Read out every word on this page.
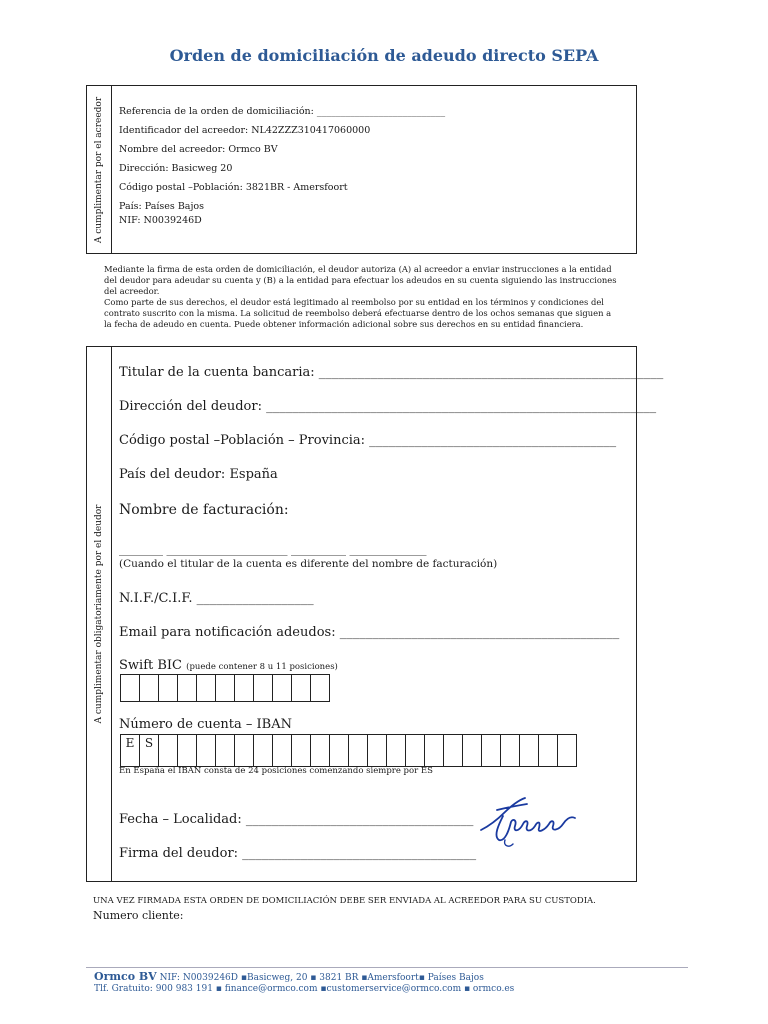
Orden de domiciliación de adeudo directo SEPA
A cumplimentar por el acreedor Referencia de la orden de domiciliación: ___________________________
Identificador del acreedor: NL42ZZZ310417060000
Nombre del acreedor: Ormco BV
Dirección: Basicweg 20
Código postal –Población: 3821BR - Amersfoort
País: Países Bajos
NIF: N0039246D
Mediante la firma de esta orden de domiciliación, el deudor autoriza (A) al acreedor a enviar instrucciones a la entidad
del deudor para adeudar su cuenta y (B) a la entidad para efectuar los adeudos en su cuenta siguiendo las instrucciones
del acreedor.
Como parte de sus derechos, el deudor está legitimado al reembolso por su entidad en los términos y condiciones del
contrato suscrito con la misma. La solicitud de reembolso deberá efectuarse dentro de los ochos semanas que siguen a
la fecha de adeudo en cuenta. Puede obtener información adicional sobre sus derechos en su entidad financiera.
A cumplimentar obligatoriamente por el deudor
Titular de la cuenta bancaria: _____________________________________________________
Dirección del deudor: ____________________________________________________________
Código postal –Población – Provincia: ______________________________________
País del deudor: España
Nombre de facturación:
________ ______________________ __________ ______________
(Cuando el titular de la cuenta es diferente del nombre de facturación)
N.I.F./C.I.F. __________________
Email para notificación adeudos: ___________________________________________
Swift BIC (puede contener 8 u 11 posiciones)
Número de cuenta – IBAN
E S
En España el IBAN consta de 24 posiciones comenzando siempre por ES
Fecha – Localidad: ___________________________________
Firma del deudor: ____________________________________
UNA VEZ FIRMADA ESTA ORDEN DE DOMICILIACIÓN DEBE SER ENVIADA AL ACREEDOR PARA SU CUSTODIA.
Numero cliente:
Ormco BV NIF: N0039246D ▪Basicweg, 20 ▪ 3821 BR ▪Amersfoort▪ Países Bajos
Tlf. Gratuito: 900 983 191 ▪ finance@ormco.com ▪customerservice@ormco.com ▪ ormco.es
